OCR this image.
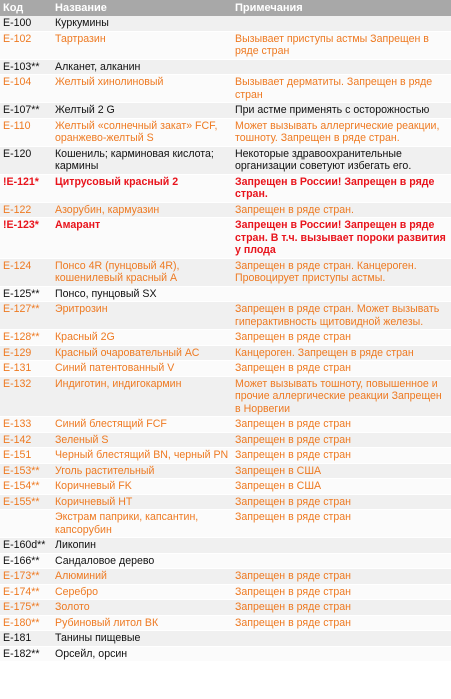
Код	Название	Примечания
E-100	Куркумины	
E-102	Тартразин	Вызывает приступы астмы Запрещен в ряде стран
E-103**	Алканет, алканин	
E-104	Желтый хинолиновый	Вызывает дерматиты. Запрещен в ряде стран
E-107**	Желтый 2 G	При астме применять с осторожностью
E-110	Желтый «солнечный закат» FCF, оранжево-желтый S	Может вызывать аллергические реакции, тошноту. Запрещен в ряде стран.
E-120	Кошениль; карминовая кислота; кармины	Некоторые здравоохранительные организации советуют избегать его.
!E-121*	Цитрусовый красный 2	Запрещен в России! Запрещен в ряде стран.
E-122	Азорубин, кармуазин	Запрещен в ряде стран.
!E-123*	Амарант	Запрещен в России! Запрещен в ряде стран. В т.ч. вызывает пороки развития у плода
E-124	Понсо 4R (пунцовый 4R), кошенилевый красный А	Запрещен в ряде стран. Канцероген. Провоцирует приступы астмы.
E-125**	Понсо, пунцовый SX	
E-127**	Эритрозин	Запрещен в ряде стран. Может вызывать гиперактивность щитовидной железы.
E-128**	Красный 2G	Запрещен в ряде стран
E-129	Красный очаровательный АС	Канцероген. Запрещен в ряде стран
E-131	Синий патентованный V	Запрещен в ряде стран
E-132	Индиготин, индигокармин	Может вызывать тошноту, повышенное и прочие аллергические реакции Запрещен в Норвегии
E-133	Синий блестящий FCF	Запрещен в ряде стран
E-142	Зеленый S	Запрещен в ряде стран
E-151	Черный блестящий BN, черный PN	Запрещен в ряде стран
E-153**	Уголь растительный	Запрещен в США
E-154**	Коричневый FK	Запрещен в США
E-155**	Коричневый HT	Запрещен в ряде стран
	Экстрам паприки, капсантин, капсорубин	Запрещен в ряде стран
E-160d**	Ликопин	
E-166**	Сандаловое дерево	
E-173**	Алюминий	Запрещен в ряде стран
E-174**	Серебро	Запрещен в ряде стран
E-175**	Золото	Запрещен в ряде стран
E-180**	Рубиновый литол ВК	Запрещен в ряде стран
E-181	Танины пищевые	
E-182**	Орсейл, орсин	
